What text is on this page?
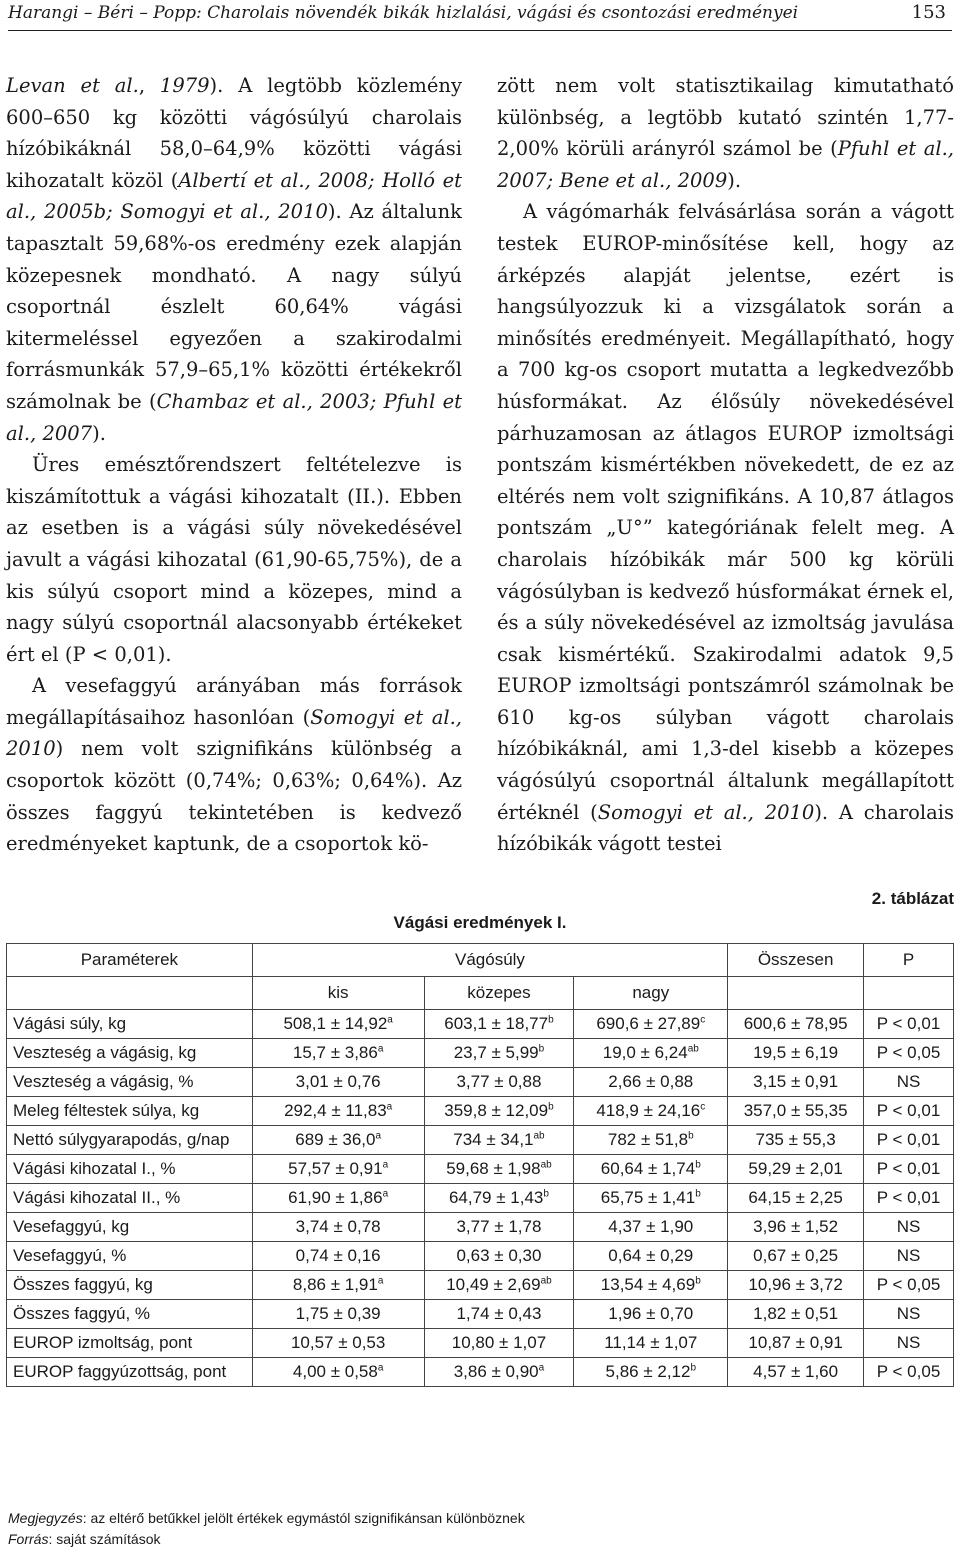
Harangi – Béri – Popp: Charolais növendék bikák hizlalási, vágási és csontozási eredményei	153

Levan et al., 1979). A legtöbb közlemény 600–650 kg közötti vágósúlyú charolais hízóbikáknál 58,0–64,9% közötti vágási kihozatalt közöl (Albertí et al., 2008; Holló et al., 2005b; Somogyi et al., 2010). Az általunk tapasztalt 59,68%-os eredmény ezek alapján közepesnek mondható. A nagy súlyú csoportnál észlelt 60,64% vágási kitermeléssel egyezően a szakirodalmi forrásmunkák 57,9–65,1% közötti értékekről számolnak be (Chambaz et al., 2003; Pfuhl et al., 2007).

Üres emésztőrendszert feltételezve is kiszámítottuk a vágási kihozatalt (II.). Ebben az esetben is a vágási súly növekedésével javult a vágási kihozatal (61,90-65,75%), de a kis súlyú csoport mind a közepes, mind a nagy súlyú csoportnál alacsonyabb értékeket ért el (P < 0,01).

A vesefaggyú arányában más források megállapításaihoz hasonlóan (Somogyi et al., 2010) nem volt szignifikáns különbség a csoportok között (0,74%; 0,63%; 0,64%). Az összes faggyú tekintetében is kedvező eredményeket kaptunk, de a csoportok kö-

zött nem volt statisztikailag kimutatható különbség, a legtöbb kutató szintén 1,77-2,00% körüli arányról számol be (Pfuhl et al., 2007; Bene et al., 2009).

A vágómarhák felvásárlása során a vágott testek EUROP-minősítése kell, hogy az árképzés alapját jelentse, ezért is hangsúlyozzuk ki a vizsgálatok során a minősítés eredményeit. Megállapítható, hogy a 700 kg-os csoport mutatta a legkedvezőbb húsformákat. Az élősúly növekedésével párhuzamosan az átlagos EUROP izmoltsági pontszám kismértékben növekedett, de ez az eltérés nem volt szignifikáns. A 10,87 átlagos pontszám „U°” kategóriának felelt meg. A charolais hízóbikák már 500 kg körüli vágósúlyban is kedvező húsformákat érnek el, és a súly növekedésével az izmoltság javulása csak kismértékű. Szakirodalmi adatok 9,5 EUROP izmoltsági pontszámról számolnak be 610 kg-os súlyban vágott charolais hízóbikáknál, ami 1,3-del kisebb a közepes vágósúlyú csoportnál általunk megállapított értéknél (Somogyi et al., 2010). A charolais hízóbikák vágott testei

2. táblázat
Vágási eredmények I.
Paraméterek	Vágósúly			Összesen	P
	kis	közepes	nagy		
Vágási súly, kg	508,1 ± 14,92$^a$	603,1 ± 18,77$^b$	690,6 ± 27,89$^c$	600,6 ± 78,95	P < 0,01
Veszteség a vágásig, kg	15,7 ± 3,86$^a$	23,7 ± 5,99$^b$	19,0 ± 6,24$^{ab}$	19,5 ± 6,19	P < 0,05
Veszteség a vágásig, %	3,01 ± 0,76	3,77 ± 0,88	2,66 ± 0,88	3,15 ± 0,91	NS
Meleg féltestek súlya, kg	292,4 ± 11,83$^a$	359,8 ± 12,09$^b$	418,9 ± 24,16$^c$	357,0 ± 55,35	P < 0,01
Nettó súlygyarapodás, g/nap	689 ± 36,0$^a$	734 ± 34,1$^{ab}$	782 ± 51,8$^b$	735 ± 55,3	P < 0,01
Vágási kihozatal I., %	57,57 ± 0,91$^a$	59,68 ± 1,98$^{ab}$	60,64 ± 1,74$^b$	59,29 ± 2,01	P < 0,01
Vágási kihozatal II., %	61,90 ± 1,86$^a$	64,79 ± 1,43$^b$	65,75 ± 1,41$^b$	64,15 ± 2,25	P < 0,01
Vesefaggyú, kg	3,74 ± 0,78	3,77 ± 1,78	4,37 ± 1,90	3,96 ± 1,52	NS
Vesefaggyú, %	0,74 ± 0,16	0,63 ± 0,30	0,64 ± 0,29	0,67 ± 0,25	NS
Összes faggyú, kg	8,86 ± 1,91$^a$	10,49 ± 2,69$^{ab}$	13,54 ± 4,69$^b$	10,96 ± 3,72	P < 0,05
Összes faggyú, %	1,75 ± 0,39	1,74 ± 0,43	1,96 ± 0,70	1,82 ± 0,51	NS
EUROP izmoltság, pont	10,57 ± 0,53	10,80 ± 1,07	11,14 ± 1,07	10,87 ± 0,91	NS
EUROP faggyúzottság, pont	4,00 ± 0,58$^a$	3,86 ± 0,90$^a$	5,86 ± 2,12$^b$	4,57 ± 1,60	P < 0,05
Megjegyzés: az eltérő betűkkel jelölt értékek egymástól szignifikánsan különböznek
Forrás: saját számítások
